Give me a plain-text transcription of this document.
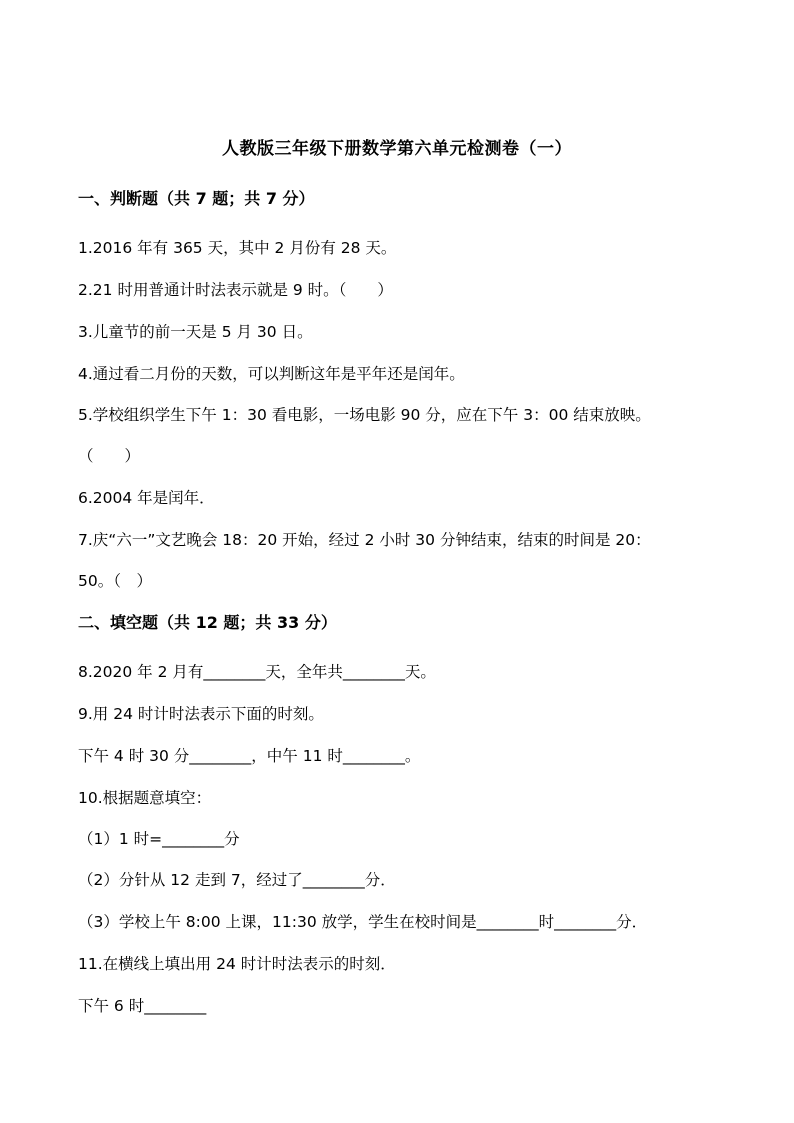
人教版三年级下册数学第六单元检测卷（一）
一、判断题（共 7 题；共 7 分）
1.2016 年有 365 天，其中 2 月份有 28 天。
2.21 时用普通计时法表示就是 9 时。（　　）
3.儿童节的前一天是 5 月 30 日。
4.通过看二月份的天数，可以判断这年是平年还是闰年。
5.学校组织学生下午 1：30 看电影，一场电影 90 分，应在下午 3：00 结束放映。
（　　）
6.2004 年是闰年．
7.庆“六一”文艺晚会 18：20 开始，经过 2 小时 30 分钟结束，结束的时间是 20：
50。（　）
二、填空题（共 12 题；共 33 分）
8.2020 年 2 月有________天，全年共________天。
9.用 24 时计时法表示下面的时刻。
下午 4 时 30 分________，中午 11 时________。
10.根据题意填空：
（1）1 时=________分
（2）分针从 12 走到 7，经过了________分．
（3）学校上午 8:00 上课，11:30 放学，学生在校时间是________时________分．
11.在横线上填出用 24 时计时法表示的时刻．
下午 6 时________
